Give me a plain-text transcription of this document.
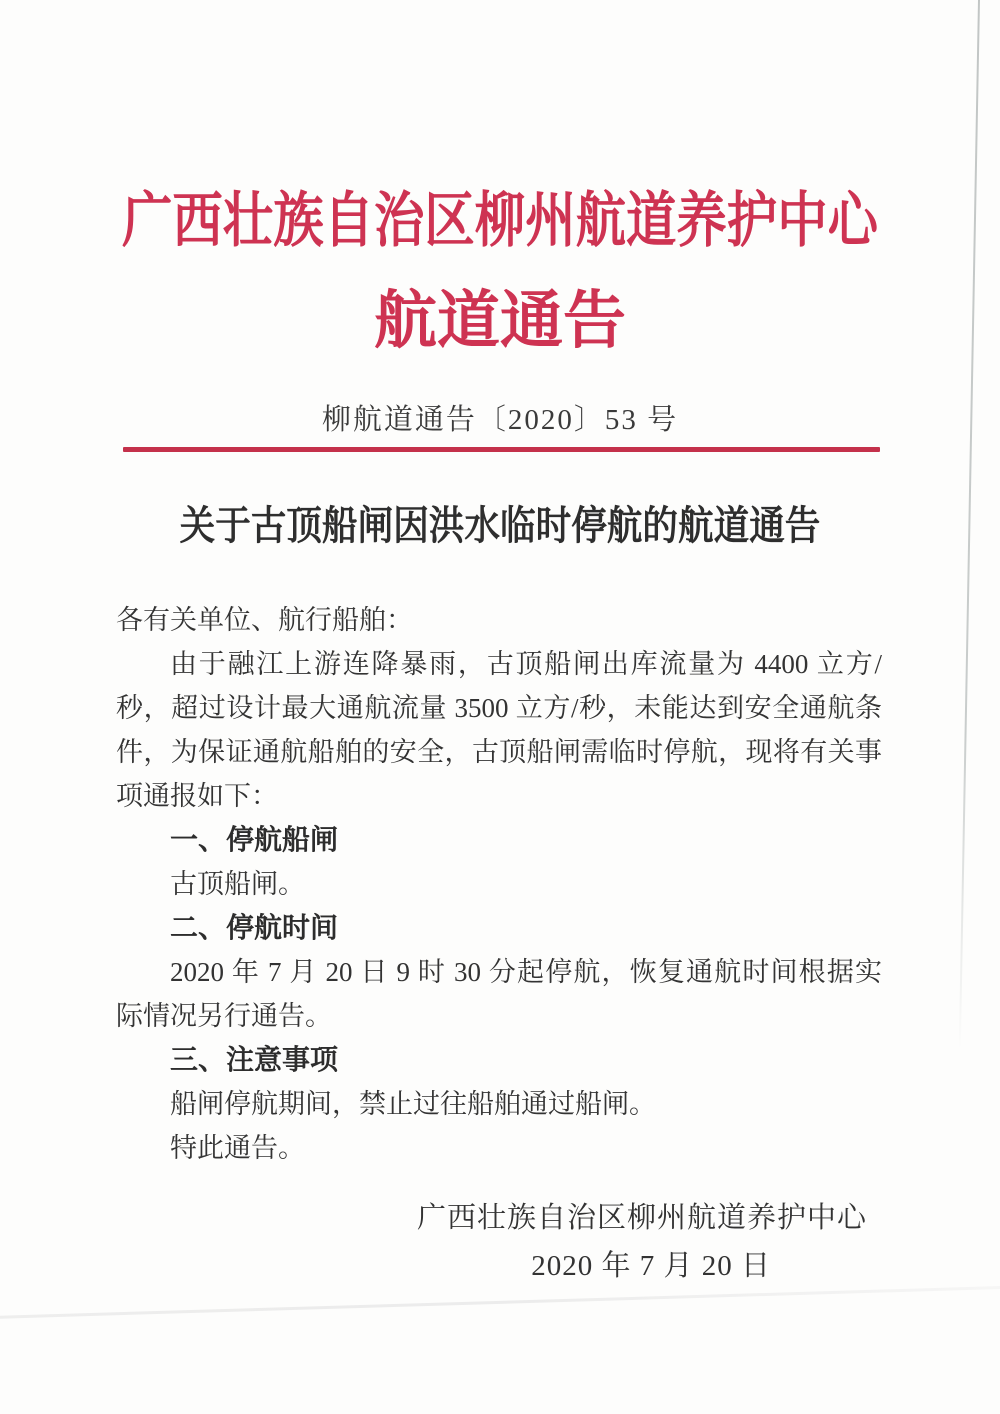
广西壮族自治区柳州航道养护中心
航道通告
柳航道通告〔2020〕53 号
关于古顶船闸因洪水临时停航的航道通告
各有关单位、航行船舶：
由于融江上游连降暴雨，古顶船闸出库流量为 4400 立方/
秒，超过设计最大通航流量 3500 立方/秒，未能达到安全通航条
件，为保证通航船舶的安全，古顶船闸需临时停航，现将有关事
项通报如下：
一、停航船闸
古顶船闸。
二、停航时间
2020 年 7 月 20 日 9 时 30 分起停航，恢复通航时间根据实
际情况另行通告。
三、注意事项
船闸停航期间，禁止过往船舶通过船闸。
特此通告。
广西壮族自治区柳州航道养护中心
2020 年 7 月 20 日
